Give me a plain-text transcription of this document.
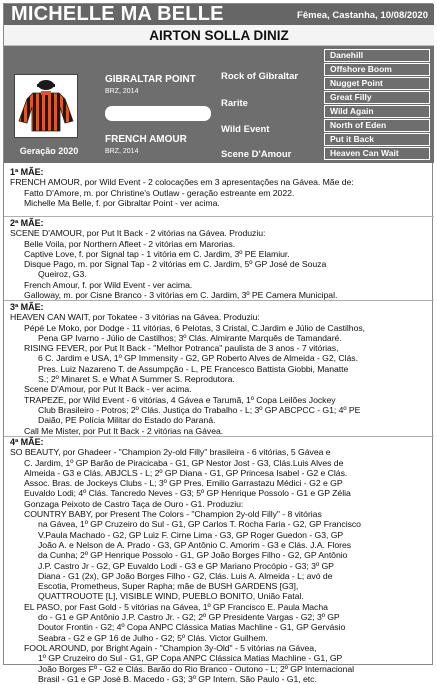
MICHELLE MA BELLE	Fêmea, Castanha, 10/08/2020
AIRTON SOLLA DINIZ
Geração 2020
GIBRALTAR POINT
BRZ, 2014
FRENCH AMOUR
BRZ, 2014
Rock of Gibraltar
Rarite
Wild Event
Scene D'Amour
Danehill
Offshore Boom
Nugget Point
Great Filly
Wild Again
North of Eden
Put it Back
Heaven Can Wait

1ª MÃE:

FRENCH AMOUR, por Wild Event - 2 colocações em 3 apresentações na Gávea. Mãe de:

Fatto D'Amore, m. por Christine's Outlaw - geração estreante em 2022.

Michelle Ma Belle, f. por Gibraltar Point - ver acima.

2ª MÃE:

SCENE D'AMOUR, por Put It Back - 2 vitórias na Gávea. Produziu:

Belle Voila, por Northern Afleet - 2 vitórias em Marorias.

Captive Love, f. por Signal tap - 1 vitória em C. Jardim, 3º PE Elamiur.

Disque Pago, m. por Signal Tap - 2 vitórias em C. Jardim, 5º GP José de Souza

Queiroz, G3.

French Amour, f. por Wild Event - ver acima.

Galloway, m. por Cisne Branco - 3 vitórias em C. Jardim, 3º PE Camera Municipal.

3ª MÃE:

HEAVEN CAN WAIT, por Tokatee - 3 vitórias na Gávea. Produziu:

Pépé Le Moko, por Dodge - 11 vitórias, 6 Pelotas, 3 Cristal, C.Jardim e Júlio de Castilhos,

Pena GP Ivarno - Júlio de Castilhos; 3º Clás. Almirante Marquês de Tamandaré.

RISING FEVER, por Put It Back - "Melhor Potranca" paulista de 3 anos - 7 vitórias,

6 C. Jardim e USA, 1º GP Immensity - G2, GP Roberto Alves de Almeida - G2, Clás.

Pres. Luiz Nazareno T. de Assumpção - L, PE Francesco Battista Giobbi, Manatte

S.; 2º Minaret S. e What A Summer S. Reprodutora.

Scene D'Amour, por Put It Back - ver acima.

TRAPEZE, por Wild Event - 6 vitórias, 4 Gávea e Tarumã, 1º Copa Leilões Jockey

Club Brasileiro - Potros; 2º Clás. Justiça do Trabalho - L; 3º GP ABCPCC - G1; 4º PE

Daião, PE Polícia Militar do Estado do Paraná.

Call Me Mister, por Put It Back - 2 vitórias na Gávea.

4ª MÃE:

SO BEAUTY, por Ghadeer - "Champion 2y-old Filly" brasileira - 6 vitórias, 5 Gávea e

C. Jardim, 1º GP Barão de Piracicaba - G1, GP Nestor Jost - G3, Clás.Luis Alves de

Almeida - G3 e Clás. ABJCLS - L; 2º GP Diana - G1, GP Princesa Isabel - G2 e Clás.

Assoc. Bras. de Jockeys Clubs - L; 3º GP Pres. Emilio Garrastazu Médici - G2 e GP

Euvaldo Lodi; 4º Clás. Tancredo Neves - G3; 5º GP Henrique Possolo - G1 e GP Zélia

Gonzaga Peixoto de Castro Taça de Ouro - G1. Produziu:

COUNTRY BABY, por Present The Colors - "Champion 2y-old Filly" - 8 vitórias

na Gávea, 1º GP Cruzeiro do Sul - G1, GP Carlos T. Rocha Faria - G2, GP Francisco

V.Paula Machado - G2, GP Luiz F. Cirne Lima - G3, GP Roger Guedon - G3, GP

João A. e Nelson de A. Prado - G3, GP Antônio C. Amorim - G3 e Clás. J.A. Flores

da Cunha; 2º GP Henrique Possolo - G1, GP João Borges Filho - G2, GP Antônio

J.P. Castro Jr - G2, GP Euvaldo Lodi - G3 e GP Mariano Procópio - G3; 3º GP

Diana - G1 (2x), GP João Borges Filho - G2, Clás. Luis A. Almeida - L; avó de

Escotia, Prometheus, Super Rapha; mãe de BUSH GARDENS [G3],

QUATTROUOTE [L], VISIBLE WIND, PUEBLO BONITO, União Fatal.

EL PASO, por Fast Gold - 5 vitórias na Gávea, 1º GP Francisco E. Paula Macha

do - G1 e GP Antônio J.P. Castro Jr. - G2; 2º GP Presidente Vargas - G2; 3º GP

Doutor Frontin - G2; 4º Copa ANPC Clássica Matias Machline - G1, GP Gervásio

Seabra - G2 e GP 16 de Julho - G2; 5º Clás. Victor Guilhem.

FOOL AROUND, por Bright Again - "Champion 3y-Old" - 5 vitórias na Gávea,

1º GP Cruzeiro do Sul - G1, GP Copa ANPC Clássica Matias Machline - G1, GP

João Borges Fº - G2 e Clás. Barão do Rio Branco - Outono - L; 2º GP Internacional

Brasil - G1 e GP José B. Macedo - G3; 3º GP Intern. São Paulo - G1, etc.
